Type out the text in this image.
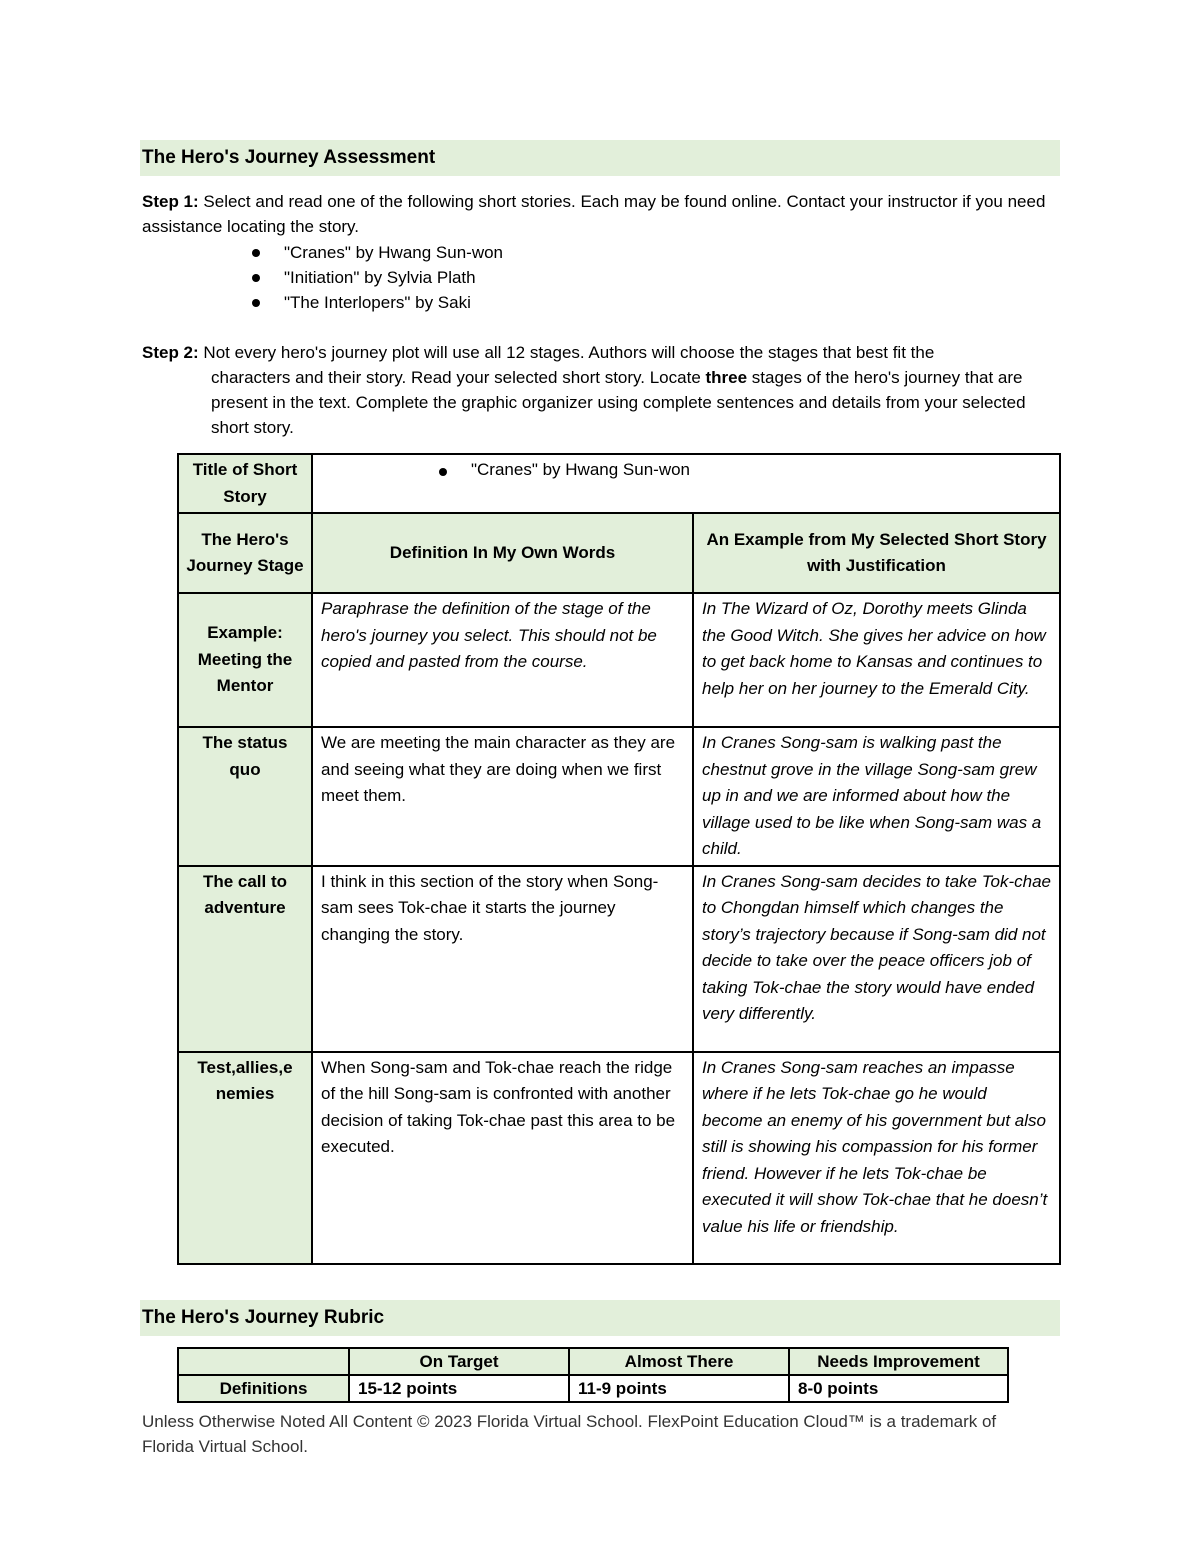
The Hero's Journey Assessment
Step 1: Select and read one of the following short stories. Each may be found online. Contact your instructor if you need assistance locating the story.
"Cranes" by Hwang Sun-won
"Initiation" by Sylvia Plath
"The Interlopers" by Saki
Step 2: Not every hero's journey plot will use all 12 stages. Authors will choose the stages that best fit the
characters and their story. Read your selected short story. Locate three stages of the hero's journey that are present in the text. Complete the graphic organizer using complete sentences and details from your selected short story.
Title of Short Story	"Cranes" by Hwang Sun-won	

The Hero's Journey Stage	Definition In My Own Words	An Example from My Selected Short Story with Justification
Example: Meeting the Mentor	Paraphrase the definition of the stage of the hero's journey you select. This should not be copied and pasted from the course.	In The Wizard of Oz, Dorothy meets Glinda the Good Witch. She gives her advice on how to get back home to Kansas and continues to help her on her journey to the Emerald City.
The status quo	We are meeting the main character as they are and seeing what they are doing when we first meet them.	In Cranes Song-sam is walking past the chestnut grove in the village Song-sam grew up in and we are informed about how the village used to be like when Song-sam was a child.
The call to adventure	I think in this section of the story when Song-sam sees Tok-chae it starts the journey changing the story.	In Cranes Song-sam decides to take Tok-chae to Chongdan himself which changes the story’s trajectory because if Song-sam did not decide to take over the peace officers job of taking Tok-chae the story would have ended very differently.
Test,allies,e nemies	When Song-sam and Tok-chae reach the ridge of the hill Song-sam is confronted with another decision of taking Tok-chae past this area to be executed.	In Cranes Song-sam reaches an impasse where if he lets Tok-chae go he would become an enemy of his government but also still is showing his compassion for his former friend. However if he lets Tok-chae be executed it will show Tok-chae that he doesn’t value his life or friendship.
The Hero's Journey Rubric
	On Target	Almost There	Needs Improvement
Definitions	15-12 points	11-9 points	8-0 points
Unless Otherwise Noted All Content © 2023 Florida Virtual School. FlexPoint Education Cloud™ is a trademark of Florida Virtual School.
